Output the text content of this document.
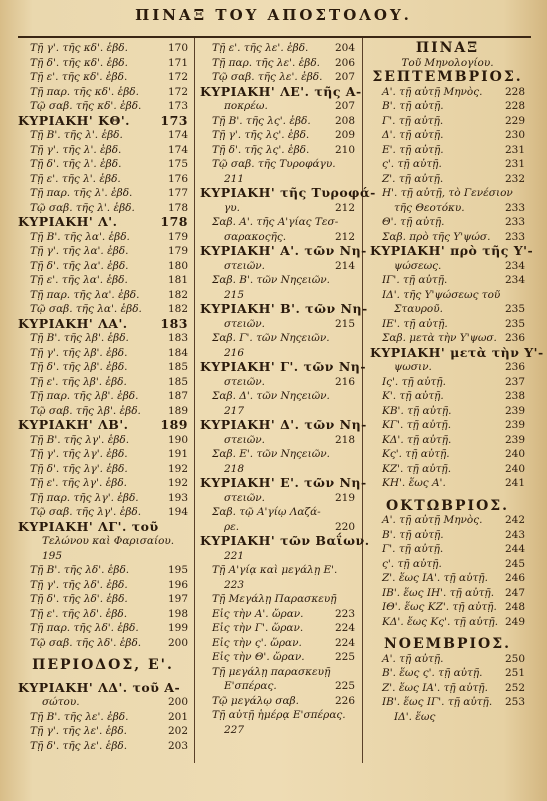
ΠΙΝΑΞ ΤΟΥ ΑΠΟΣΤΟΛΟΥ.
Τῇ γ'. τῆς κδ'. ἑβδ.	170
Τῇ δ'. τῆς κδ'. ἑβδ.	171
Τῇ ε'. τῆς κδ'. ἑβδ.	172
Τῇ παρ. τῆς κδ'. ἑβδ.	172
Τῷ σαβ. τῆς κδ'. ἑβδ.	173
ΚΥΡΙΑΚΗ' ΚΘ'. 173
Τῇ Β'. τῆς λ'. ἑβδ.	174
Τῇ γ'. τῆς λ'. ἑβδ.	174
Τῇ δ'. τῆς λ'. ἑβδ.	175
Τῇ ε'. τῆς λ'. ἑβδ.	176
Τῇ παρ. τῆς λ'. ἑβδ.	177
Τῷ σαβ. τῆς λ'. ἑβδ.	178
ΚΥΡΙΑΚΗ' Λ'.	178
Τῇ Β'. τῆς λα'. ἑβδ.	179
Τῇ γ'. τῆς λα'. ἑβδ.	179
Τῇ δ'. τῆς λα'. ἑβδ.	180
Τῇ ε'. τῆς λα'. ἑβδ.	181
Τῇ παρ. τῆς λα'. ἑβδ.	182
Τῷ σαβ. τῆς λα'. ἑβδ. 182
ΚΥΡΙΑΚΗ' ΛΑ'.	183
Τῇ Β'. τῆς λβ'. ἑβδ.	183
Τῇ γ'. τῆς λβ'. ἑβδ.	184
Τῇ δ'. τῆς λβ'. ἑβδ.	185
Τῇ ε'. τῆς λβ'. ἑβδ.	185
Τῇ παρ. τῆς λβ'. ἑβδ.	187
Τῷ σαβ. τῆς λβ'. ἑβδ.	189
ΚΥΡΙΑΚΗ' ΛΒ'.	189
Τῇ Β'. τῆς λγ'. ἑβδ.	190
Τῇ γ'. τῆς λγ'. ἑβδ.	191
Τῇ δ'. τῆς λγ'. ἑβδ.	192
Τῇ ε'. τῆς λγ'. ἑβδ.	192
Τῇ παρ. τῆς λγ'. ἑβδ.	193
Τῷ σαβ. τῆς λγ'. ἑβδ.	194
ΚΥΡΙΑΚΗ' ΛΓ'. τοῦ
Τελώνου καὶ Φαρισαίου.
195
Τῇ Β'. τῆς λδ'. ἑβδ.	195
Τῇ γ'. τῆς λδ'. ἑβδ.	196
Τῇ δ'. τῆς λδ'. ἑβδ.	197
Τῇ ε'. τῆς λδ'. ἑβδ.	198
Τῇ παρ. τῆς λδ'. ἑβδ.	199
Τῷ σαβ. τῆς λδ'. ἑβδ.	200
ΠΕΡΙΟΔΟΣ, Ε'.
ΚΥΡΙΑΚΗ' ΛΔ'. τοῦ Α-
σώτου.	200
Τῇ Β'. τῆς λε'. ἑβδ.	201
Τῇ γ'. τῆς λε'. ἑβδ.	202
Τῇ δ'. τῆς λε'. ἑβδ.	203
Τῇ ε'. τῆς λε'. ἑβδ.	204
Τῇ παρ. τῆς λε'. ἑβδ. 206
Τῷ σαβ. τῆς λε'. ἑβδ. 207
ΚΥΡΙΑΚΗ' ΛΕ'. τῆς Α-
ποκρέω.	207
Τῇ Β'. τῆς λς'. ἑβδ. 208
Τῇ γ'. τῆς λς'. ἑβδ. 209
Τῇ δ'. τῆς λς'. ἑβδ. 210
Τῷ σαβ. τῆς Τυροφάγυ.
211
ΚΥΡΙΑΚΗ' τῆς Τυροφά-
γυ.	212
Σαβ. Α'. τῆς Α'γίας Τεσ-
σαρακοςῆς.	212
ΚΥΡΙΑΚΗ' Α'. τῶν Νη-
στειῶν.	214
Σαβ. Β'. τῶν Νηςειῶν.
215
ΚΥΡΙΑΚΗ' Β'. τῶν Νη-
στειῶν.	215
Σαβ. Γ'. τῶν Νηςειῶν.
216
ΚΥΡΙΑΚΗ' Γ'. τῶν Νη-
στειῶν.	216
Σαβ. Δ'. τῶν Νηςειῶν.
217
ΚΥΡΙΑΚΗ' Δ'. τῶν Νη-
στειῶν.	218
Σαβ. Ε'. τῶν Νηςειῶν.
218
ΚΥΡΙΑΚΗ' Ε'. τῶν Νη-
στειῶν.	219
Σαβ. τῷ Α'γίῳ Λαζά-
ρε.	220
ΚΥΡΙΑΚΗ' τῶν Βαΐων.
221
Τῇ Α'γίᾳ καὶ μεγάλῃ Ε'.
223
Τῇ Μεγάλῃ Παρασκευῇ
Εἰς τὴν Α'. ὥραν.	223
Εἰς τὴν Γ'. ὥραν.	224
Εἰς τὴν ς'. ὥραν.	224
Εἰς τὴν Θ'. ὥραν.	225
Τῇ μεγάλῃ παρασκευῇ
Ε'σπέρας.	225
Τῷ μεγάλῳ σαβ.	226
Τῇ αὐτῇ ἡμέρᾳ Ε'σπέρας.
227
ΠΙΝΑΞ
Τοῦ Μηνολογίου.
ΣΕΠΤΕΜΒΡΙΟΣ.
Α'. τῇ αὐτῇ Μηνὸς. 228
Β'. τῇ αὐτῇ.	228
Γ'. τῇ αὐτῇ.	229
Δ'. τῇ αὐτῇ.	230
Ε'. τῇ αὐτῇ.	231
ς'. τῇ αὐτῇ.	231
Ζ'. τῇ αὐτῇ.	232
Η'. τῇ αὐτῇ, τὸ Γενέσιον
τῆς Θεοτόκυ.	233
Θ'. τῇ αὐτῇ.	233
Σαβ. πρὸ τῆς Υ'ψώσ. 233
ΚΥΡΙΑΚΗ' πρὸ τῆς Υ'-
ψώσεως.	234
ΙΓ'. τῇ αὐτῇ.	234
ΙΔ'. τῆς Υ'ψώσεως τοῦ
Σταυροῦ.	235
ΙΕ'. τῇ αὐτῇ.	235
Σαβ. μετὰ τὴν Υ'ψωσ. 236
ΚΥΡΙΑΚΗ' μετὰ τὴν Υ'-
ψωσιν.	236
Ις'. τῇ αὐτῇ.	237
Κ'. τῇ αὐτῇ.	238
ΚΒ'. τῇ αὐτῇ.	239
ΚΓ'. τῇ αὐτῇ.	239
ΚΔ'. τῇ αὐτῇ.	239
Κς'. τῇ αὐτῇ.	240
ΚΖ'. τῇ αὐτῇ.	240
ΚΗ'. ἕως Α'.	241
ΟΚΤΩΒΡΙΟΣ.
Α'. τῇ αὐτῇ Μηνὸς. 242
Β'. τῇ αὐτῇ.	243
Γ'. τῇ αὐτῇ.	244
ς'. τῇ αὐτῇ.	245
Ζ'. ἕως ΙΑ'. τῇ αὐτῇ. 246
ΙΒ'. ἕως ΙΗ'. τῇ αὐτῇ. 247
ΙΘ'. ἕως ΚΖ'. τῇ αὐτῇ. 248
ΚΔ'. ἕως Κς'. τῇ αὐτῇ. 249
ΝΟΕΜΒΡΙΟΣ.
Α'. τῇ αὐτῇ.	250
Β'. ἕως ς'. τῇ αὐτῇ. 251
Ζ'. ἕως ΙΑ'. τῇ αὐτῇ. 252
ΙΒ'. ἕως ΙΓ'. τῇ αὐτῇ. 253
ΙΔ'. ἕως
